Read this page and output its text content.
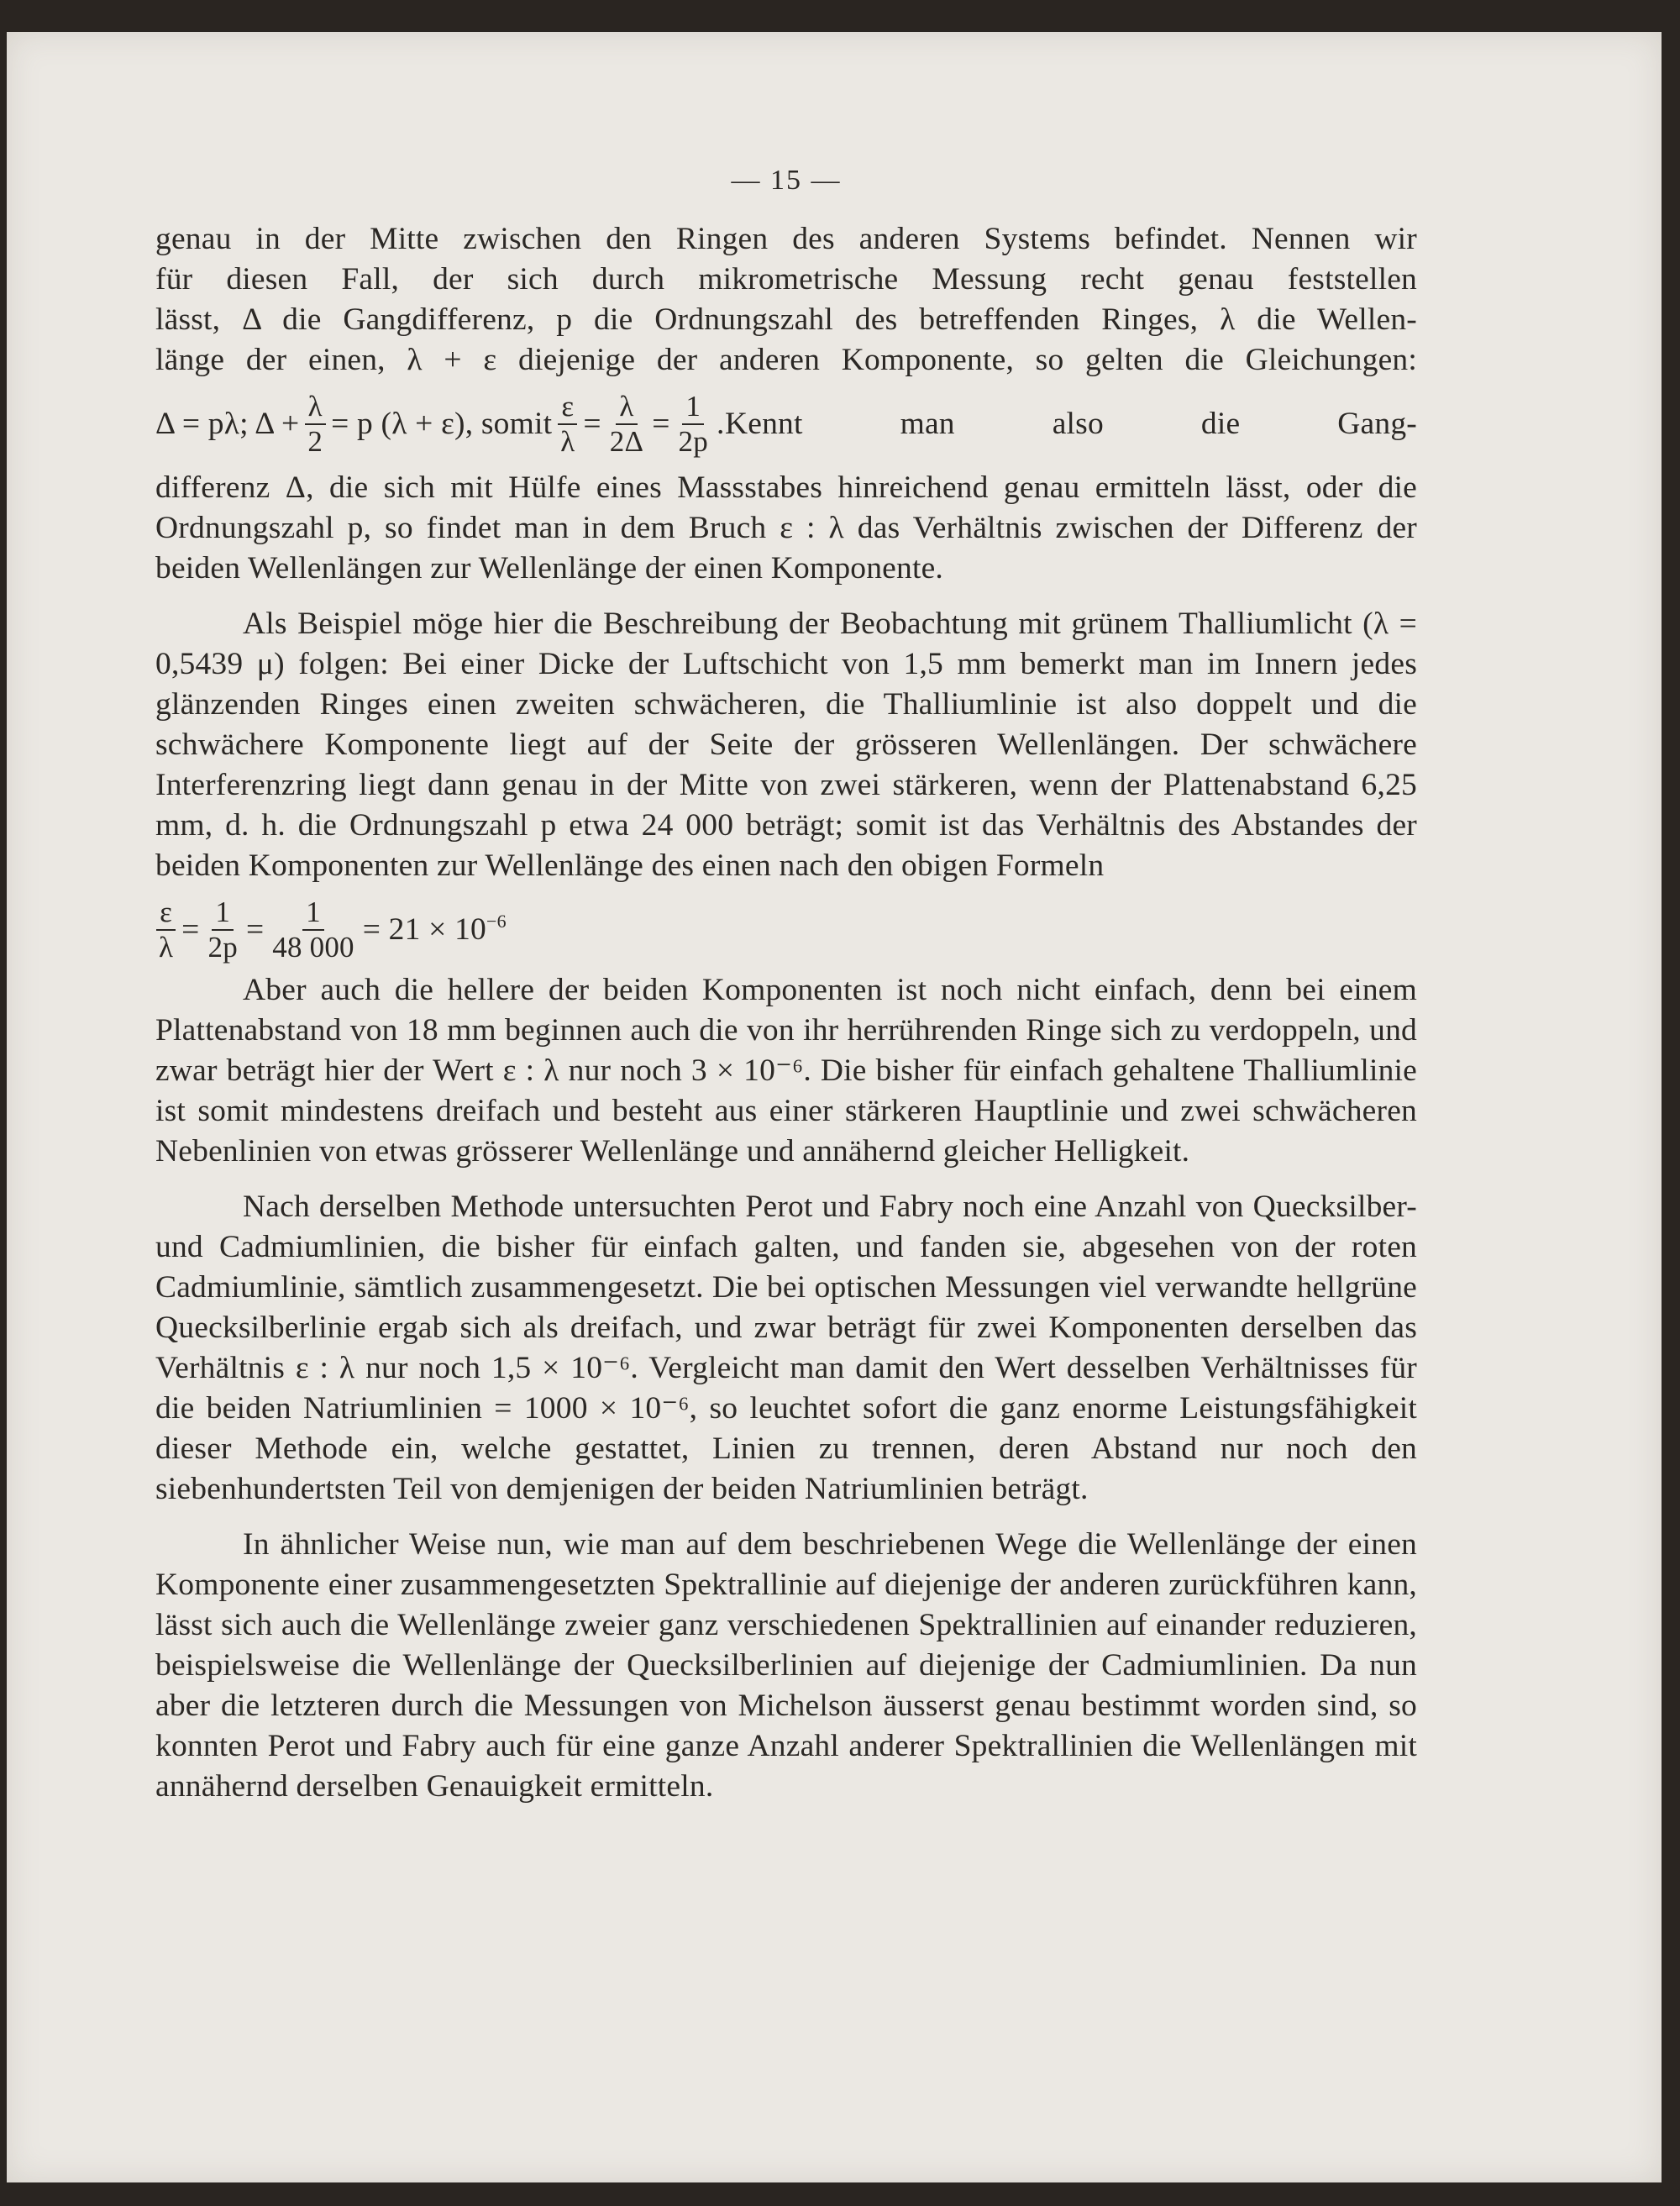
— 15 —

genau in der Mitte zwischen den Ringen des anderen Systems befindet. Nennen wir

für diesen Fall, der sich durch mikrometrische Messung recht genau feststellen

lässt, Δ die Gangdifferenz, p die Ordnungszahl des betreffenden Ringes, λ die Wellen-

länge der einen, λ + ε diejenige der anderen Komponente, so gelten die Gleichungen:

Δ = pλ; $\Delta + \frac{\lambda}{2} = p$ (λ + ε), somit $\frac{\varepsilon}{\lambda} = \frac{\lambda}{2\Delta} = \frac{1}{2p}$ . Kennt man also die Gang-

differenz Δ, die sich mit Hülfe eines Massstabes hinreichend genau ermitteln lässt, oder die Ordnungszahl p, so findet man in dem Bruch ε : λ das Verhältnis zwischen der Differenz der beiden Wellenlängen zur Wellenlänge der einen Komponente.

Als Beispiel möge hier die Beschreibung der Beobachtung mit grünem Thalliumlicht (λ = 0,5439 μ) folgen: Bei einer Dicke der Luftschicht von 1,5 mm bemerkt man im Innern jedes glänzenden Ringes einen zweiten schwächeren, die Thalliumlinie ist also doppelt und die schwächere Komponente liegt auf der Seite der grösseren Wellenlängen. Der schwächere Interferenzring liegt dann genau in der Mitte von zwei stärkeren, wenn der Plattenabstand 6,25 mm, d. h. die Ordnungszahl p etwa 24 000 beträgt; somit ist das Verhältnis des Abstandes der beiden Komponenten zur Wellenlänge des einen nach den obigen Formeln

$\frac{\varepsilon}{\lambda} = \frac{1}{2p} = \frac{1}{48 000} = 21 \times 10^{-6}$

Aber auch die hellere der beiden Komponenten ist noch nicht einfach, denn bei einem Plattenabstand von 18 mm beginnen auch die von ihr herrührenden Ringe sich zu verdoppeln, und zwar beträgt hier der Wert ε : λ nur noch 3 × 10⁻⁶. Die bisher für einfach gehaltene Thalliumlinie ist somit mindestens dreifach und besteht aus einer stärkeren Hauptlinie und zwei schwächeren Nebenlinien von etwas grösserer Wellenlänge und annähernd gleicher Helligkeit.

Nach derselben Methode untersuchten Perot und Fabry noch eine Anzahl von Quecksilber- und Cadmiumlinien, die bisher für einfach galten, und fanden sie, abgesehen von der roten Cadmiumlinie, sämtlich zusammengesetzt. Die bei optischen Messungen viel verwandte hellgrüne Quecksilberlinie ergab sich als dreifach, und zwar beträgt für zwei Komponenten derselben das Verhältnis ε : λ nur noch 1,5 × 10⁻⁶. Vergleicht man damit den Wert desselben Verhältnisses für die beiden Natriumlinien = 1000 × 10⁻⁶, so leuchtet sofort die ganz enorme Leistungsfähigkeit dieser Methode ein, welche gestattet, Linien zu trennen, deren Abstand nur noch den siebenhundertsten Teil von demjenigen der beiden Natriumlinien beträgt.

In ähnlicher Weise nun, wie man auf dem beschriebenen Wege die Wellenlänge der einen Komponente einer zusammengesetzten Spektrallinie auf diejenige der anderen zurückführen kann, lässt sich auch die Wellenlänge zweier ganz verschiedenen Spektrallinien auf einander reduzieren, beispielsweise die Wellenlänge der Quecksilberlinien auf diejenige der Cadmiumlinien. Da nun aber die letzteren durch die Messungen von Michelson äusserst genau bestimmt worden sind, so konnten Perot und Fabry auch für eine ganze Anzahl anderer Spektrallinien die Wellenlängen mit annähernd derselben Genauigkeit ermitteln.
